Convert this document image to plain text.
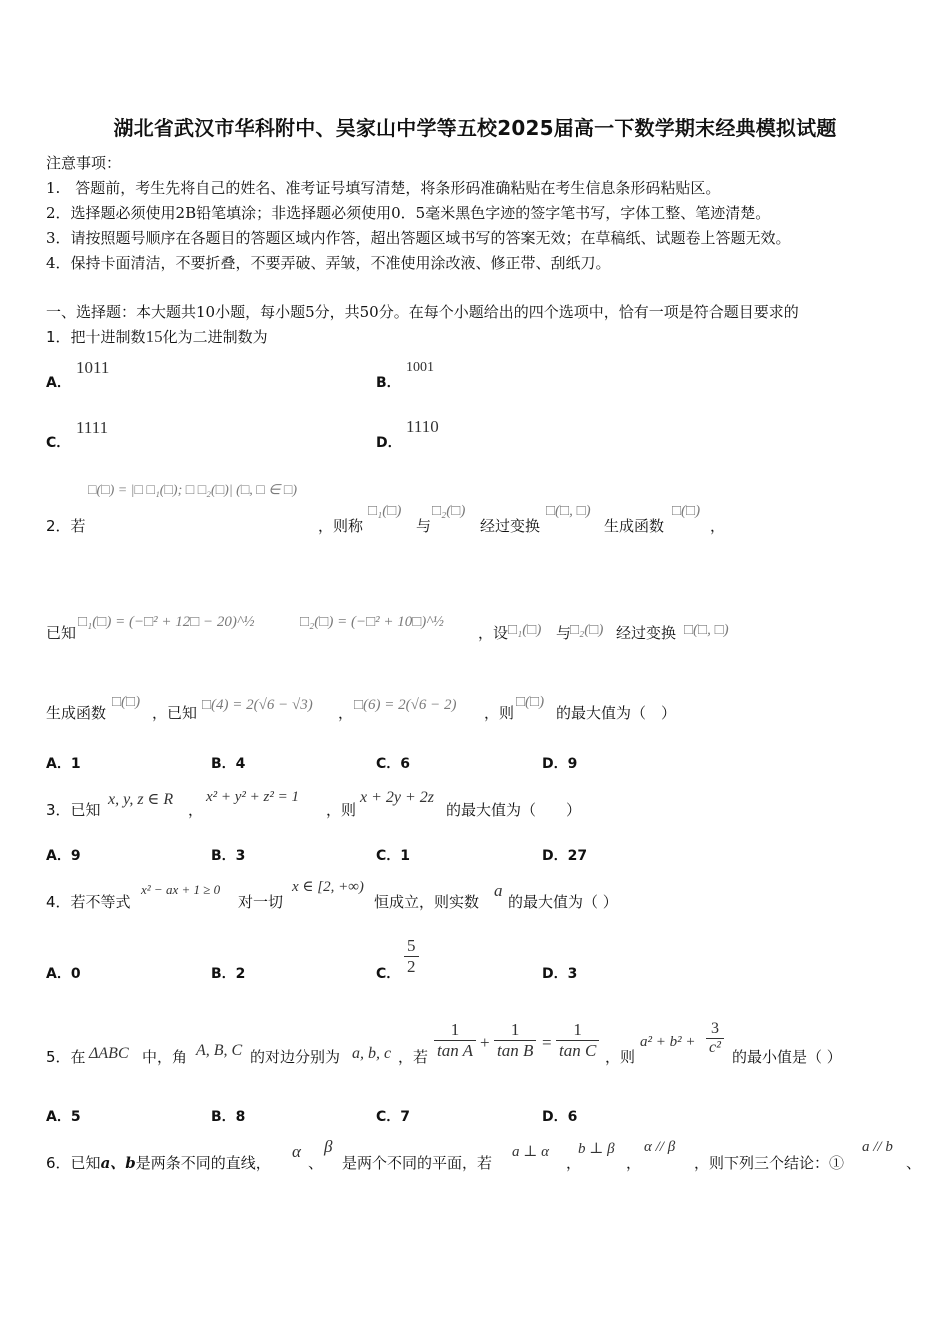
湖北省武汉市华科附中、吴家山中学等五校2025届高一下数学期末经典模拟试题
注意事项：
1.　答题前，考生先将自己的姓名、准考证号填写清楚，将条形码准确粘贴在考生信息条形码粘贴区。
2．选择题必须使用2B铅笔填涂；非选择题必须使用0．5毫米黑色字迹的签字笔书写，字体工整、笔迹清楚。
3．请按照题号顺序在各题目的答题区域内作答，超出答题区域书写的答案无效；在草稿纸、试题卷上答题无效。
4．保持卡面清洁，不要折叠，不要弄破、弄皱，不准使用涂改液、修正带、刮纸刀。
一、选择题：本大题共10小题，每小题5分，共50分。在每个小题给出的四个选项中，恰有一项是符合题目要求的
1．把十进制数15化为二进制数为
A．
1011
B．
1001
C．
1111
D．
1110
□(□) = |□ □₁(□); □ □₂(□)| (□, □ ∈ □)
2．若	，则称
□₁(□)
与
□₂(□)
经过变换
□(□, □)
生成函数
□(□)
，
已知
□₁(□) = (−□² + 12□ − 20)^½	□₂(□) = (−□² + 10□)^½
，设 □₁(□) 与
□₂(□) 经过变换 □(□, □)
生成函数
□(□)
，已知 □(4) = 2(√6 − √3) ， □(6) = 2(√6 − 2) ，则
□(□)
的最大值为（　）
A．1	B．4	C．6	D．9
3．已知
x, y, z ∈ R
，
x² + y² + z² = 1
，则
x + 2y + 2z
的最大值为（　　）
A．9	B．3	C．1	D．27
4．若不等式
x² − ax + 1 ≥ 0
对一切
x ∈ [2, +∞)
恒成立，则实数
a
的最大值为（ ）
A．0	B．2	C． $\frac{5}{2}$	D．3
5．在 ΔABC 中，角 A, B, C 的对边分别为 a, b, c ，若 $\frac{1}{\text{tan A}} + \frac{1}{\text{tan B}} = \frac{1}{\text{tan C}}$ ，则
$a^2 + b^2 + \frac{3}{\text{c²}}$ 的最小值是（ ）
A．5	B．8	C．7	D．6
6．已知a、b是两条不同的直线，
α
、
β
是两个不同的平面，若
a ⊥ α
，
b ⊥ β
，
α // β
，则下列三个结论：①
a // b
、
